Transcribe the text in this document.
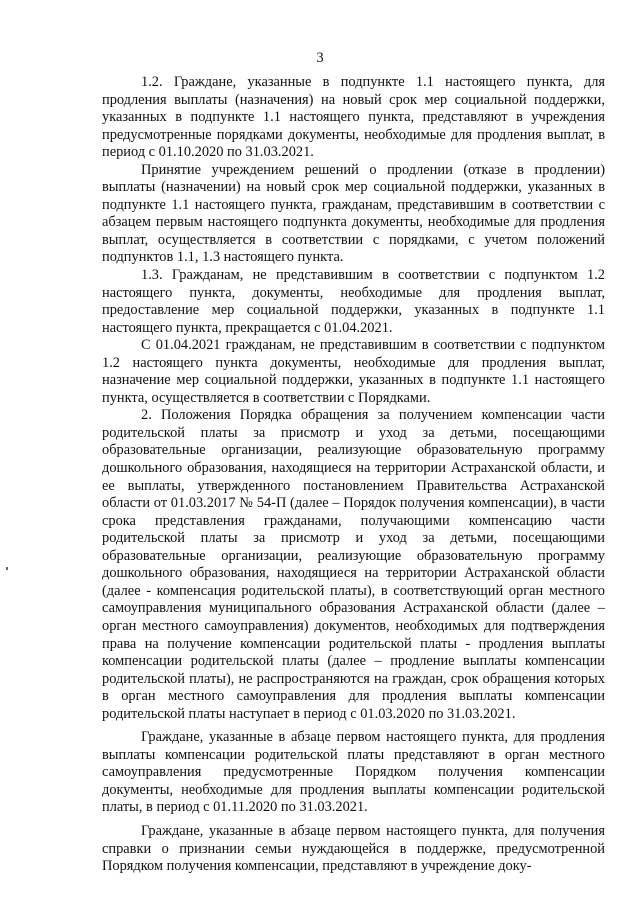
3

1.2. Граждане, указанные в подпункте 1.1 настоящего пункта, для продления выплаты (назначения) на новый срок мер социальной поддержки, указанных в подпункте 1.1 настоящего пункта, представляют в учреждения предусмотренные порядками документы, необходимые для продления выплат, в период с 01.10.2020 по 31.03.2021.

Принятие учреждением решений о продлении (отказе в продлении) выплаты (назначении) на новый срок мер социальной поддержки, указанных в подпункте 1.1 настоящего пункта, гражданам, представившим в соответствии с абзацем первым настоящего подпункта документы, необходимые для продления выплат, осуществляется в соответствии с порядками, с учетом положений подпунктов 1.1, 1.3 настоящего пункта.

1.3. Гражданам, не представившим в соответствии с подпунктом 1.2 настоящего пункта, документы, необходимые для продления выплат, предоставление мер социальной поддержки, указанных в подпункте 1.1 настоящего пункта, прекращается с 01.04.2021.

С 01.04.2021 гражданам, не представившим в соответствии с подпунктом 1.2 настоящего пункта документы, необходимые для продления выплат, назначение мер социальной поддержки, указанных в подпункте 1.1 настоящего пункта, осуществляется в соответствии с Порядками.

2. Положения Порядка обращения за получением компенсации части родительской платы за присмотр и уход за детьми, посещающими образовательные организации, реализующие образовательную программу дошкольного образования, находящиеся на территории Астраханской области, и ее выплаты, утвержденного постановлением Правительства Астраханской области от 01.03.2017 № 54-П (далее – Порядок получения компенсации), в части срока представления гражданами, получающими компенсацию части родительской платы за присмотр и уход за детьми, посещающими образовательные организации, реализующие образовательную программу дошкольного образования, находящиеся на территории Астраханской области (далее - компенсация родительской платы), в соответствующий орган местного самоуправления муниципального образования Астраханской области (далее – орган местного самоуправления) документов, необходимых для подтверждения права на получение компенсации родительской платы - продления выплаты компенсации родительской платы (далее – продление выплаты компенсации родительской платы), не распространяются на граждан, срок обращения которых в орган местного самоуправления для продления выплаты компенсации родительской платы наступает в период с 01.03.2020 по 31.03.2021.

Граждане, указанные в абзаце первом настоящего пункта, для продления выплаты компенсации родительской платы представляют в орган местного самоуправления предусмотренные Порядком получения компенсации документы, необходимые для продления выплаты компенсации родительской платы, в период с 01.11.2020 по 31.03.2021.

Граждане, указанные в абзаце первом настоящего пункта, для получения справки о признании семьи нуждающейся в поддержке, предусмотренной Порядком получения компенсации, представляют в учреждение доку-
